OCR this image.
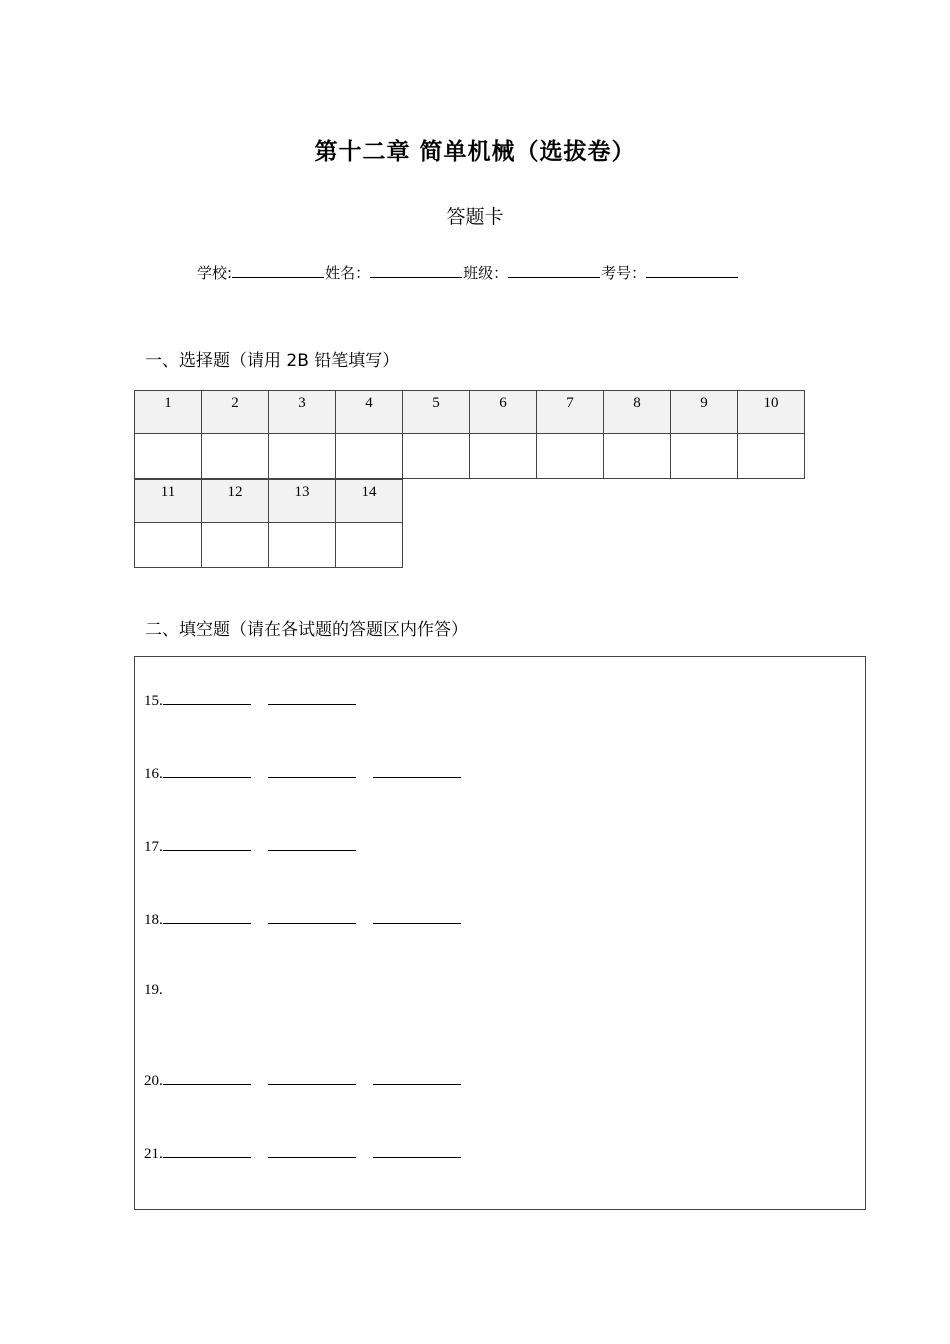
第十二章 简单机械（选拔卷）
答题卡
学校:	姓名：	班级：	考号：
一、选择题（请用 2B 铅笔填写）
1	2	3	4	5	6	7	8	9	10

11	12	13	14

二、填空题（请在各试题的答题区内作答）
15.
16.
17.
18.
19.
20.
21.
